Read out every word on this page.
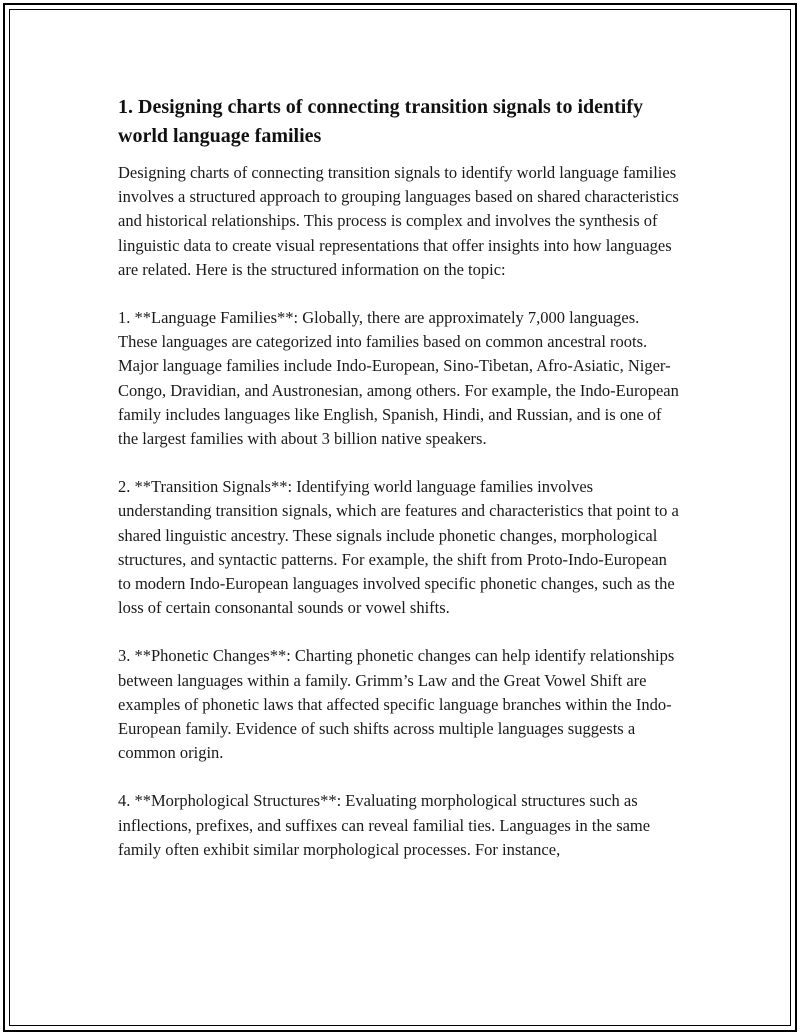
1. Designing charts of connecting transition signals to identify world language families

Designing charts of connecting transition signals to identify world language families involves a structured approach to grouping languages based on shared characteristics and historical relationships. This process is complex and involves the synthesis of linguistic data to create visual representations that offer insights into how languages are related. Here is the structured information on the topic:

1. **Language Families**: Globally, there are approximately 7,000 languages. These languages are categorized into families based on common ancestral roots. Major language families include Indo-European, Sino-Tibetan, Afro-Asiatic, Niger-Congo, Dravidian, and Austronesian, among others. For example, the Indo-European family includes languages like English, Spanish, Hindi, and Russian, and is one of the largest families with about 3 billion native speakers.

2. **Transition Signals**: Identifying world language families involves understanding transition signals, which are features and characteristics that point to a shared linguistic ancestry. These signals include phonetic changes, morphological structures, and syntactic patterns. For example, the shift from Proto-Indo-European to modern Indo-European languages involved specific phonetic changes, such as the loss of certain consonantal sounds or vowel shifts.

3. **Phonetic Changes**: Charting phonetic changes can help identify relationships between languages within a family. Grimm’s Law and the Great Vowel Shift are examples of phonetic laws that affected specific language branches within the Indo-European family. Evidence of such shifts across multiple languages suggests a common origin.

4. **Morphological Structures**: Evaluating morphological structures such as inflections, prefixes, and suffixes can reveal familial ties. Languages in the same family often exhibit similar morphological processes. For instance,
